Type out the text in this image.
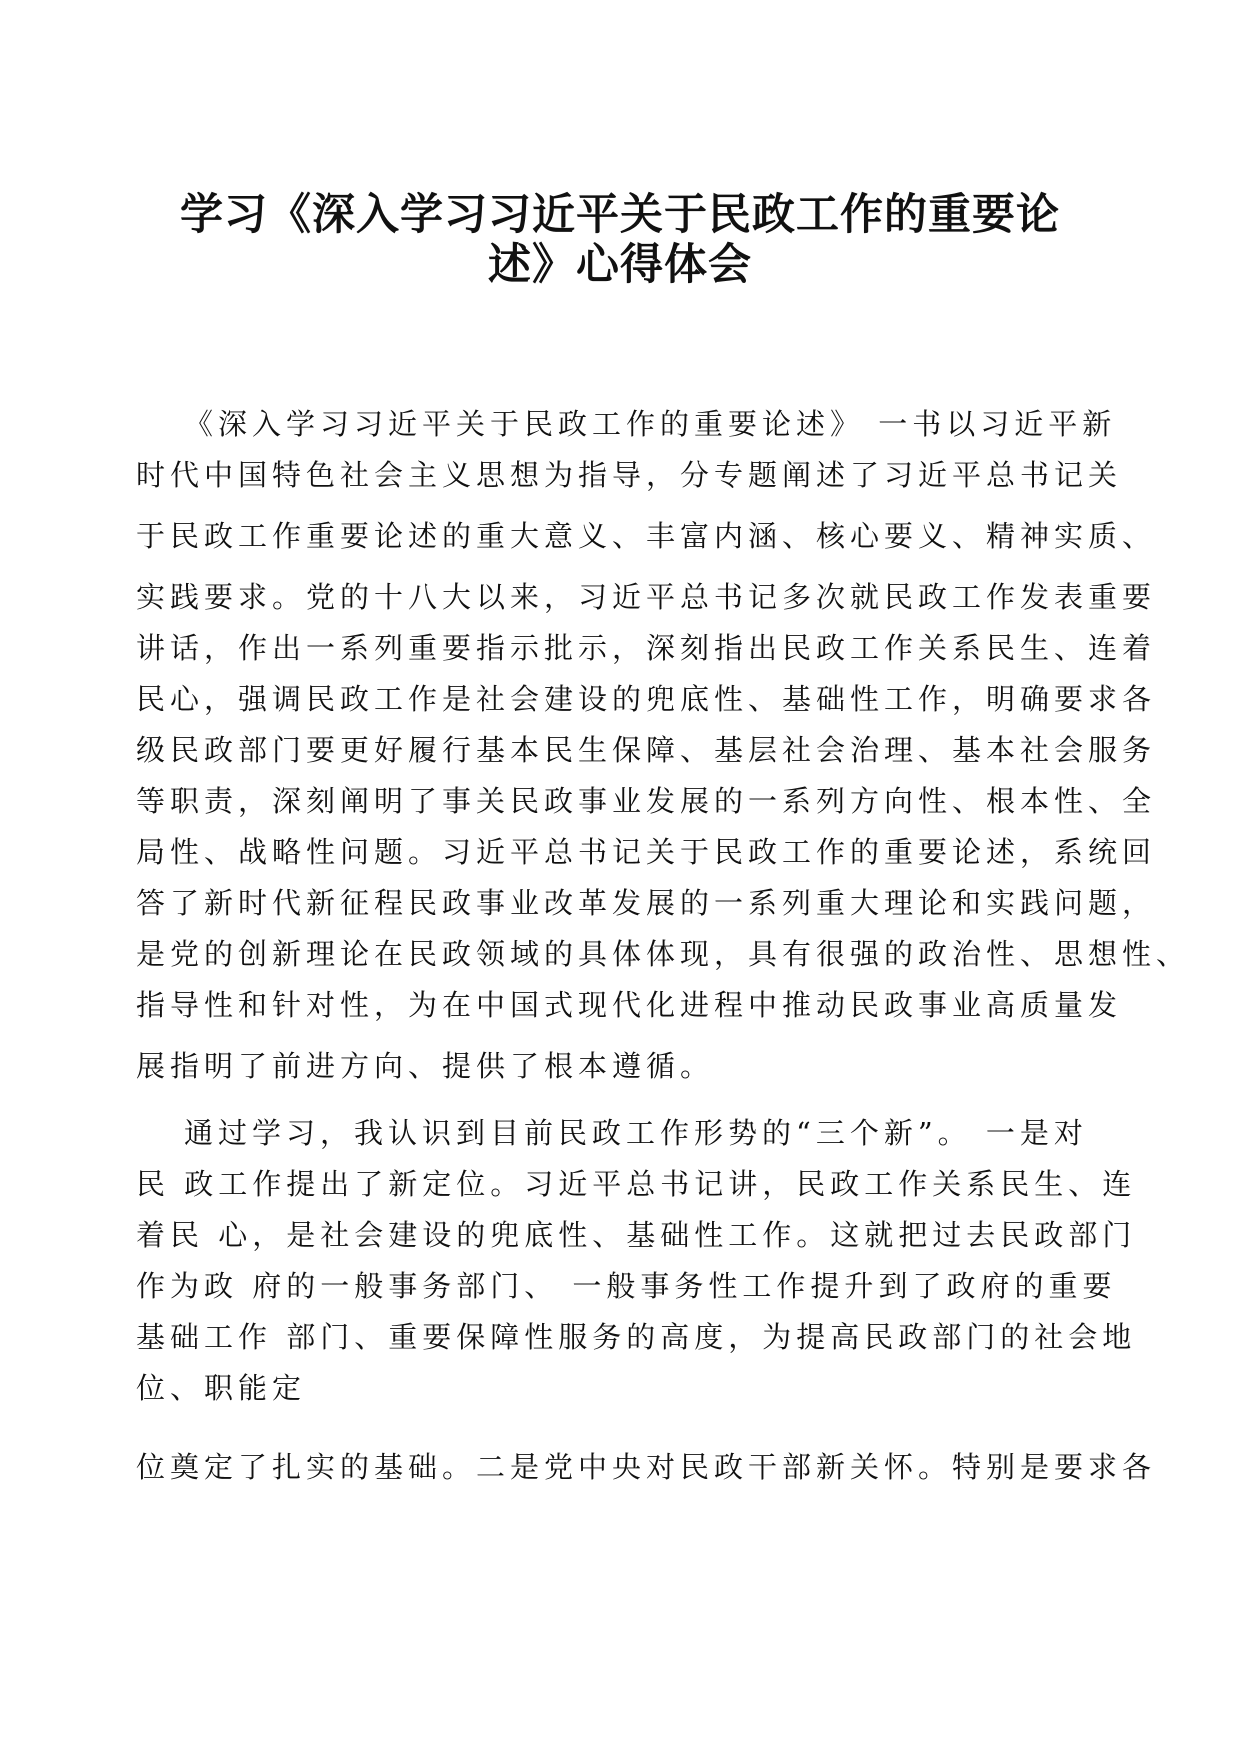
学习《深入学习习近平关于民政工作的重要论
述》心得体会
《深入学习习近平关于民政工作的重要论述》 一书以习近平新
时代中国特色社会主义思想为指导，分专题阐述了习近平总书记关
于民政工作重要论述的重大意义、丰富内涵、核心要义、精神实质、
实践要求。党的十八大以来，习近平总书记多次就民政工作发表重要
讲话，作出一系列重要指示批示，深刻指出民政工作关系民生、连着
民心，强调民政工作是社会建设的兜底性、基础性工作，明确要求各
级民政部门要更好履行基本民生保障、基层社会治理、基本社会服务
等职责，深刻阐明了事关民政事业发展的一系列方向性、根本性、全
局性、战略性问题。习近平总书记关于民政工作的重要论述，系统回
答了新时代新征程民政事业改革发展的一系列重大理论和实践问题，
是党的创新理论在民政领域的具体体现，具有很强的政治性、思想性、
指导性和针对性，为在中国式现代化进程中推动民政事业高质量发
展指明了前进方向、提供了根本遵循。
通过学习，我认识到目前民政工作形势的“三个新”。 一是对
民 政工作提出了新定位。习近平总书记讲，民政工作关系民生、连
着民 心，是社会建设的兜底性、基础性工作。这就把过去民政部门
作为政 府的一般事务部门、 一般事务性工作提升到了政府的重要
基础工作 部门、重要保障性服务的高度，为提高民政部门的社会地
位、职能定
位奠定了扎实的基础。二是党中央对民政干部新关怀。特别是要求各
